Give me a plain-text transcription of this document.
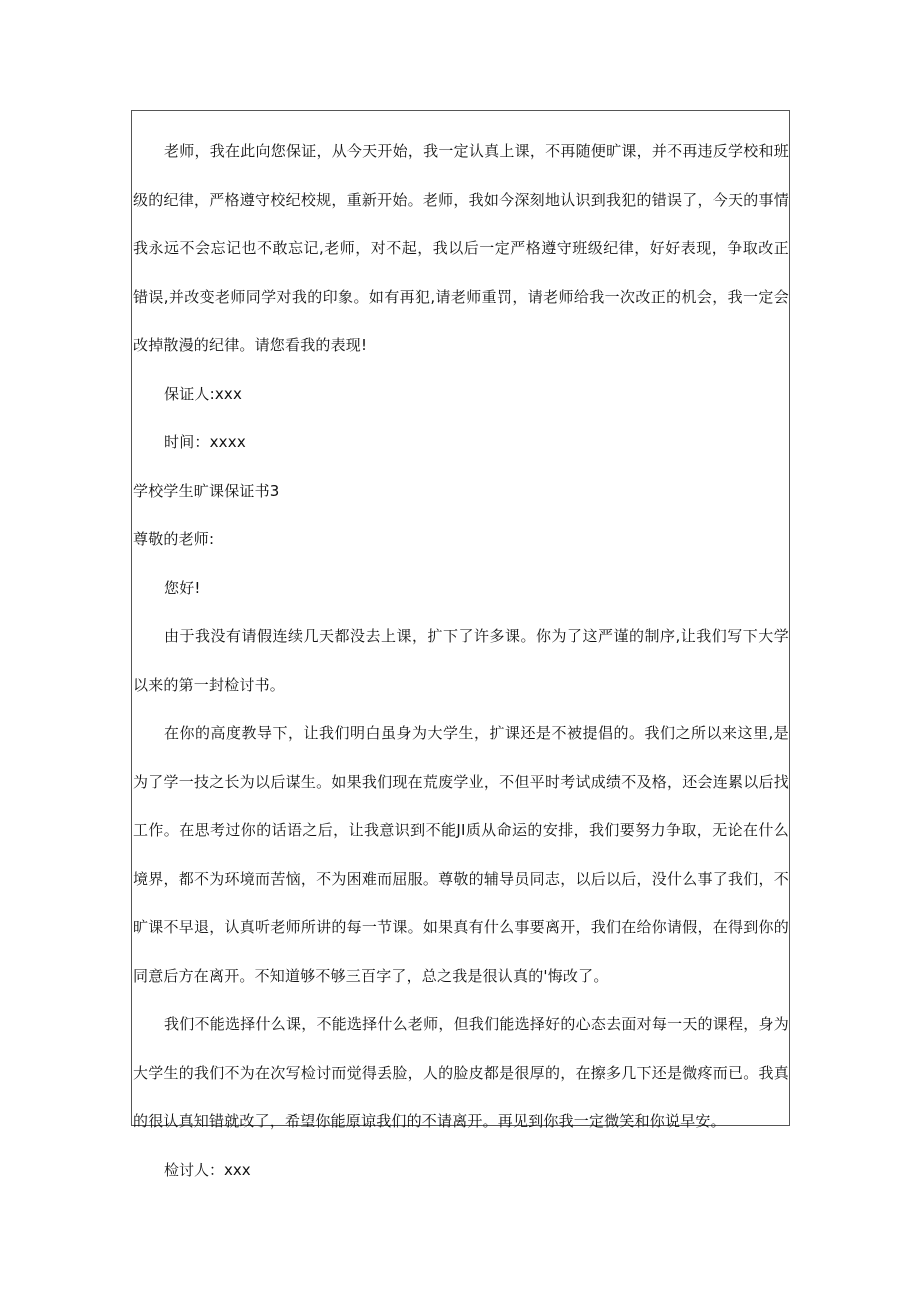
老师，我在此向您保证，从今天开始，我一定认真上课，不再随便旷课，并不再违反学校和班级的纪律，严格遵守校纪校规，重新开始。老师，我如今深刻地认识到我犯的错误了，今天的事情我永远不会忘记也不敢忘记,老师，对不起，我以后一定严格遵守班级纪律，好好表现，争取改正错误,并改变老师同学对我的印象。如有再犯,请老师重罚，请老师给我一次改正的机会，我一定会改掉散漫的纪律。请您看我的表现!

保证人:xxx

时间：xxxx

学校学生旷课保证书3

尊敬的老师:

您好!

由于我没有请假连续几天都没去上课，扩下了许多课。你为了这严谨的制序,让我们写下大学以来的第一封检讨书。

在你的高度教导下，让我们明白虽身为大学生，扩课还是不被提倡的。我们之所以来这里,是为了学一技之长为以后谋生。如果我们现在荒废学业，不但平时考试成绩不及格，还会连累以后找工作。在思考过你的话语之后，让我意识到不能JI质从命运的安排，我们要努力争取，无论在什么境界，都不为环境而苦恼，不为困难而屈服。尊敬的辅导员同志，以后以后，没什么事了我们，不旷课不早退，认真听老师所讲的每一节课。如果真有什么事要离开，我们在给你请假，在得到你的同意后方在离开。不知道够不够三百字了，总之我是很认真的'悔改了。

我们不能选择什么课，不能选择什么老师，但我们能选择好的心态去面对每一天的课程，身为大学生的我们不为在次写检讨而觉得丢脸，人的脸皮都是很厚的，在擦多几下还是微疼而已。我真的很认真知错就改了，希望你能原谅我们的不请离开。再见到你我一定微笑和你说早安。

检讨人：xxx
